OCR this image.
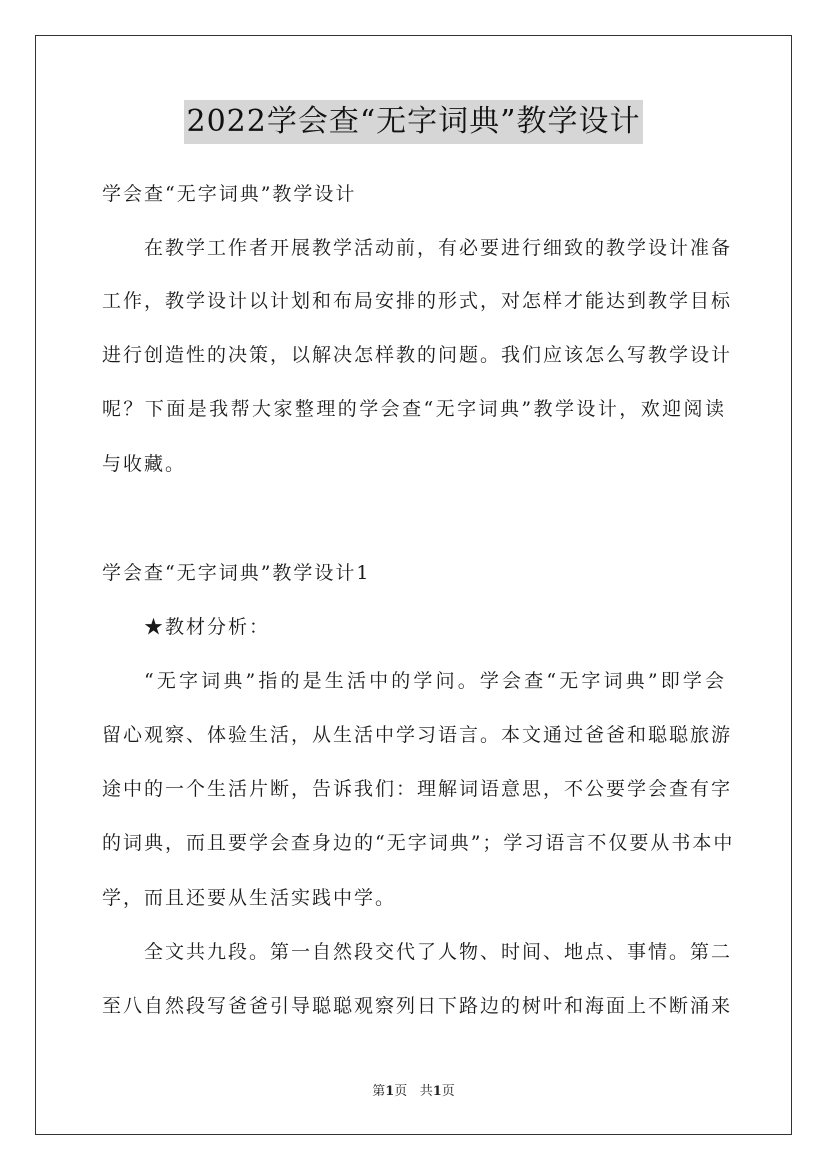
2022学会查“无字词典”教学设计
学会查“无字词典”教学设计
在教学工作者开展教学活动前，有必要进行细致的教学设计准备
工作，教学设计以计划和布局安排的形式，对怎样才能达到教学目标
进行创造性的决策，以解决怎样教的问题。我们应该怎么写教学设计
呢？下面是我帮大家整理的学会查“无字词典”教学设计，欢迎阅读
与收藏。
学会查“无字词典”教学设计1
★教材分析：
“无字词典”指的是生活中的学问。学会查“无字词典”即学会
留心观察、体验生活，从生活中学习语言。本文通过爸爸和聪聪旅游
途中的一个生活片断，告诉我们：理解词语意思，不公要学会查有字
的词典，而且要学会查身边的“无字词典”；学习语言不仅要从书本中
学，而且还要从生活实践中学。
全文共九段。第一自然段交代了人物、时间、地点、事情。第二
至八自然段写爸爸引导聪聪观察列日下路边的树叶和海面上不断涌来
第1页 共1页
